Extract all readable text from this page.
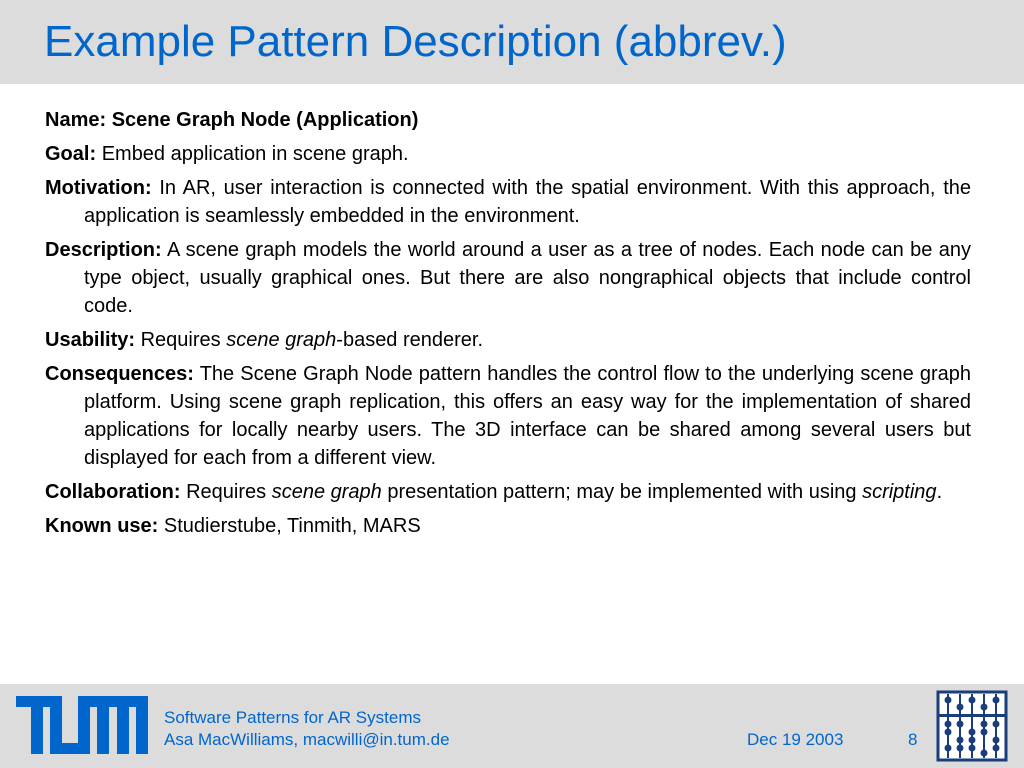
Example Pattern Description (abbrev.)

Name: Scene Graph Node (Application)

Goal: Embed application in scene graph.

Motivation: In AR, user interaction is connected with the spatial environment. With this approach, the application is seamlessly embedded in the environment.

Description: A scene graph models the world around a user as a tree of nodes. Each node can be any type object, usually graphical ones. But there are also nongraphical objects that include control code.

Usability: Requires scene graph-based renderer.

Consequences: The Scene Graph Node pattern handles the control flow to the underlying scene graph platform. Using scene graph replication, this offers an easy way for the implementation of shared applications for locally nearby users. The 3D interface can be shared among several users but displayed for each from a different view.

Collaboration: Requires scene graph presentation pattern; may be implemented with using scripting.

Known use: Studierstube, Tinmith, MARS

Software Patterns for AR Systems
Asa MacWilliams, macwilli@in.tum.de	Dec 19 2003	8
